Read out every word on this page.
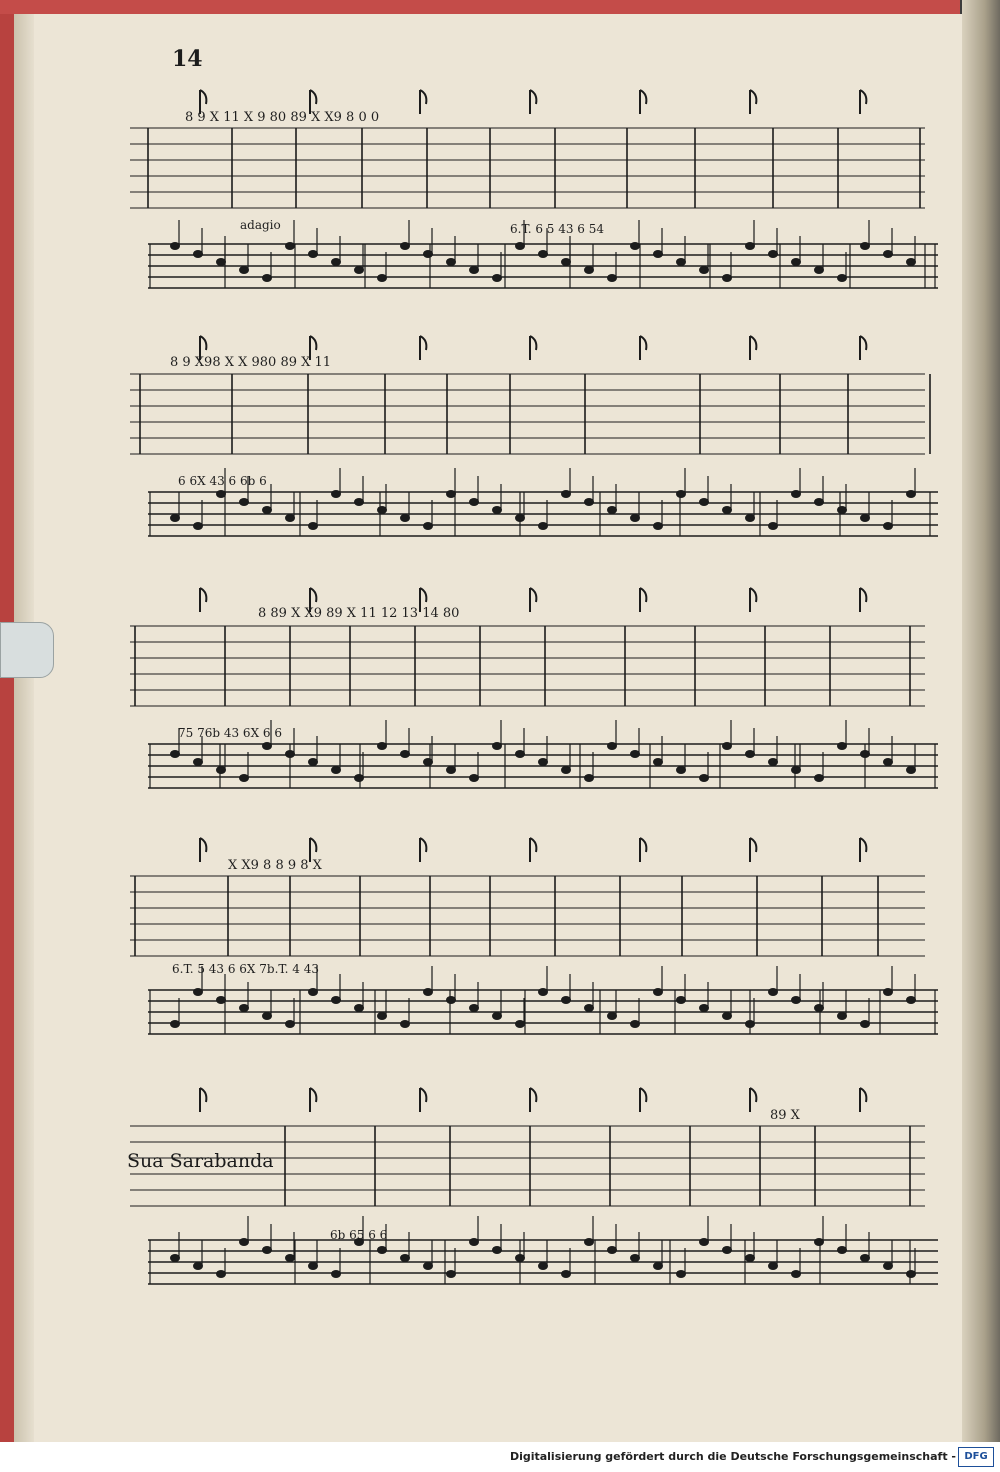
14
adagio
Sua Sarabanda
8 9 X 11 X 9 80 89 X X9 8 0 0
6.T. 6 5 43 6 54
8 9 X98 X X 980 89 X 11
6 6X 43 6 6b 6
8 89 X X9 89 X 11 12 13 14 80
75 76b 43 6X 6 6
X X9 8 8 9 8 X
6.T. 5 43 6 6X 7b.T. 4 43
89 X
6b 65 6 6
Digitalisierung gefördert durch die Deutsche Forschungsgemeinschaft - DFG
